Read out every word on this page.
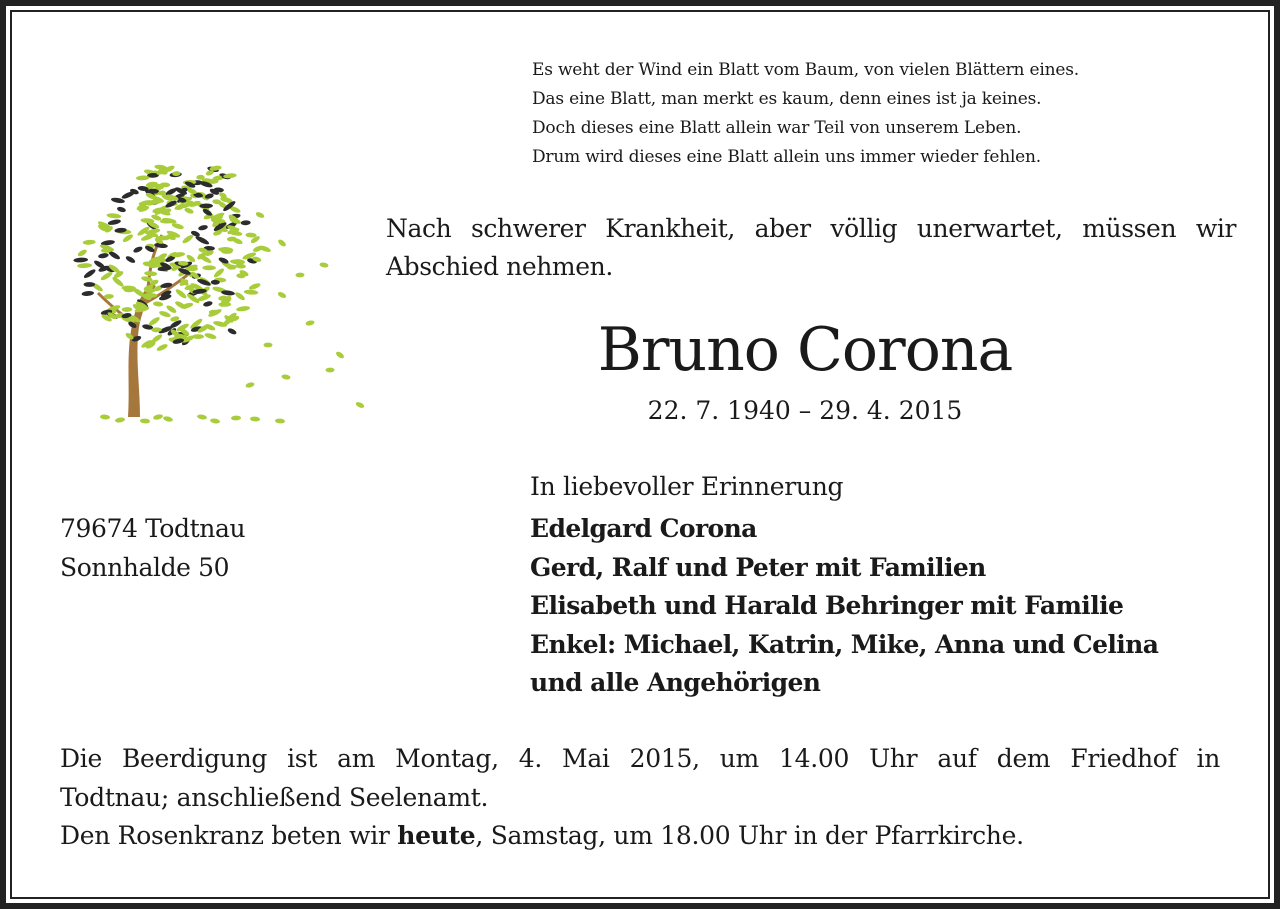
Es weht der Wind ein Blatt vom Baum, von vielen Blättern eines.
Das eine Blatt, man merkt es kaum, denn eines ist ja keines.
Doch dieses eine Blatt allein war Teil von unserem Leben.
Drum wird dieses eine Blatt allein uns immer wieder fehlen.
Nach schwerer Krankheit, aber völlig unerwartet, müssen wir
Abschied nehmen.
Bruno Corona
22. 7. 1940 – 29. 4. 2015
In liebevoller Erinnerung
Edelgard Corona
Gerd, Ralf und Peter mit Familien
Elisabeth und Harald Behringer mit Familie
Enkel: Michael, Katrin, Mike, Anna und Celina
und alle Angehörigen
79674 Todtnau
Sonnhalde 50
Die Beerdigung ist am Montag, 4. Mai 2015, um 14.00 Uhr auf dem Friedhof in
Todtnau; anschließend Seelenamt.
Den Rosenkranz beten wir heute, Samstag, um 18.00 Uhr in der Pfarrkirche.
